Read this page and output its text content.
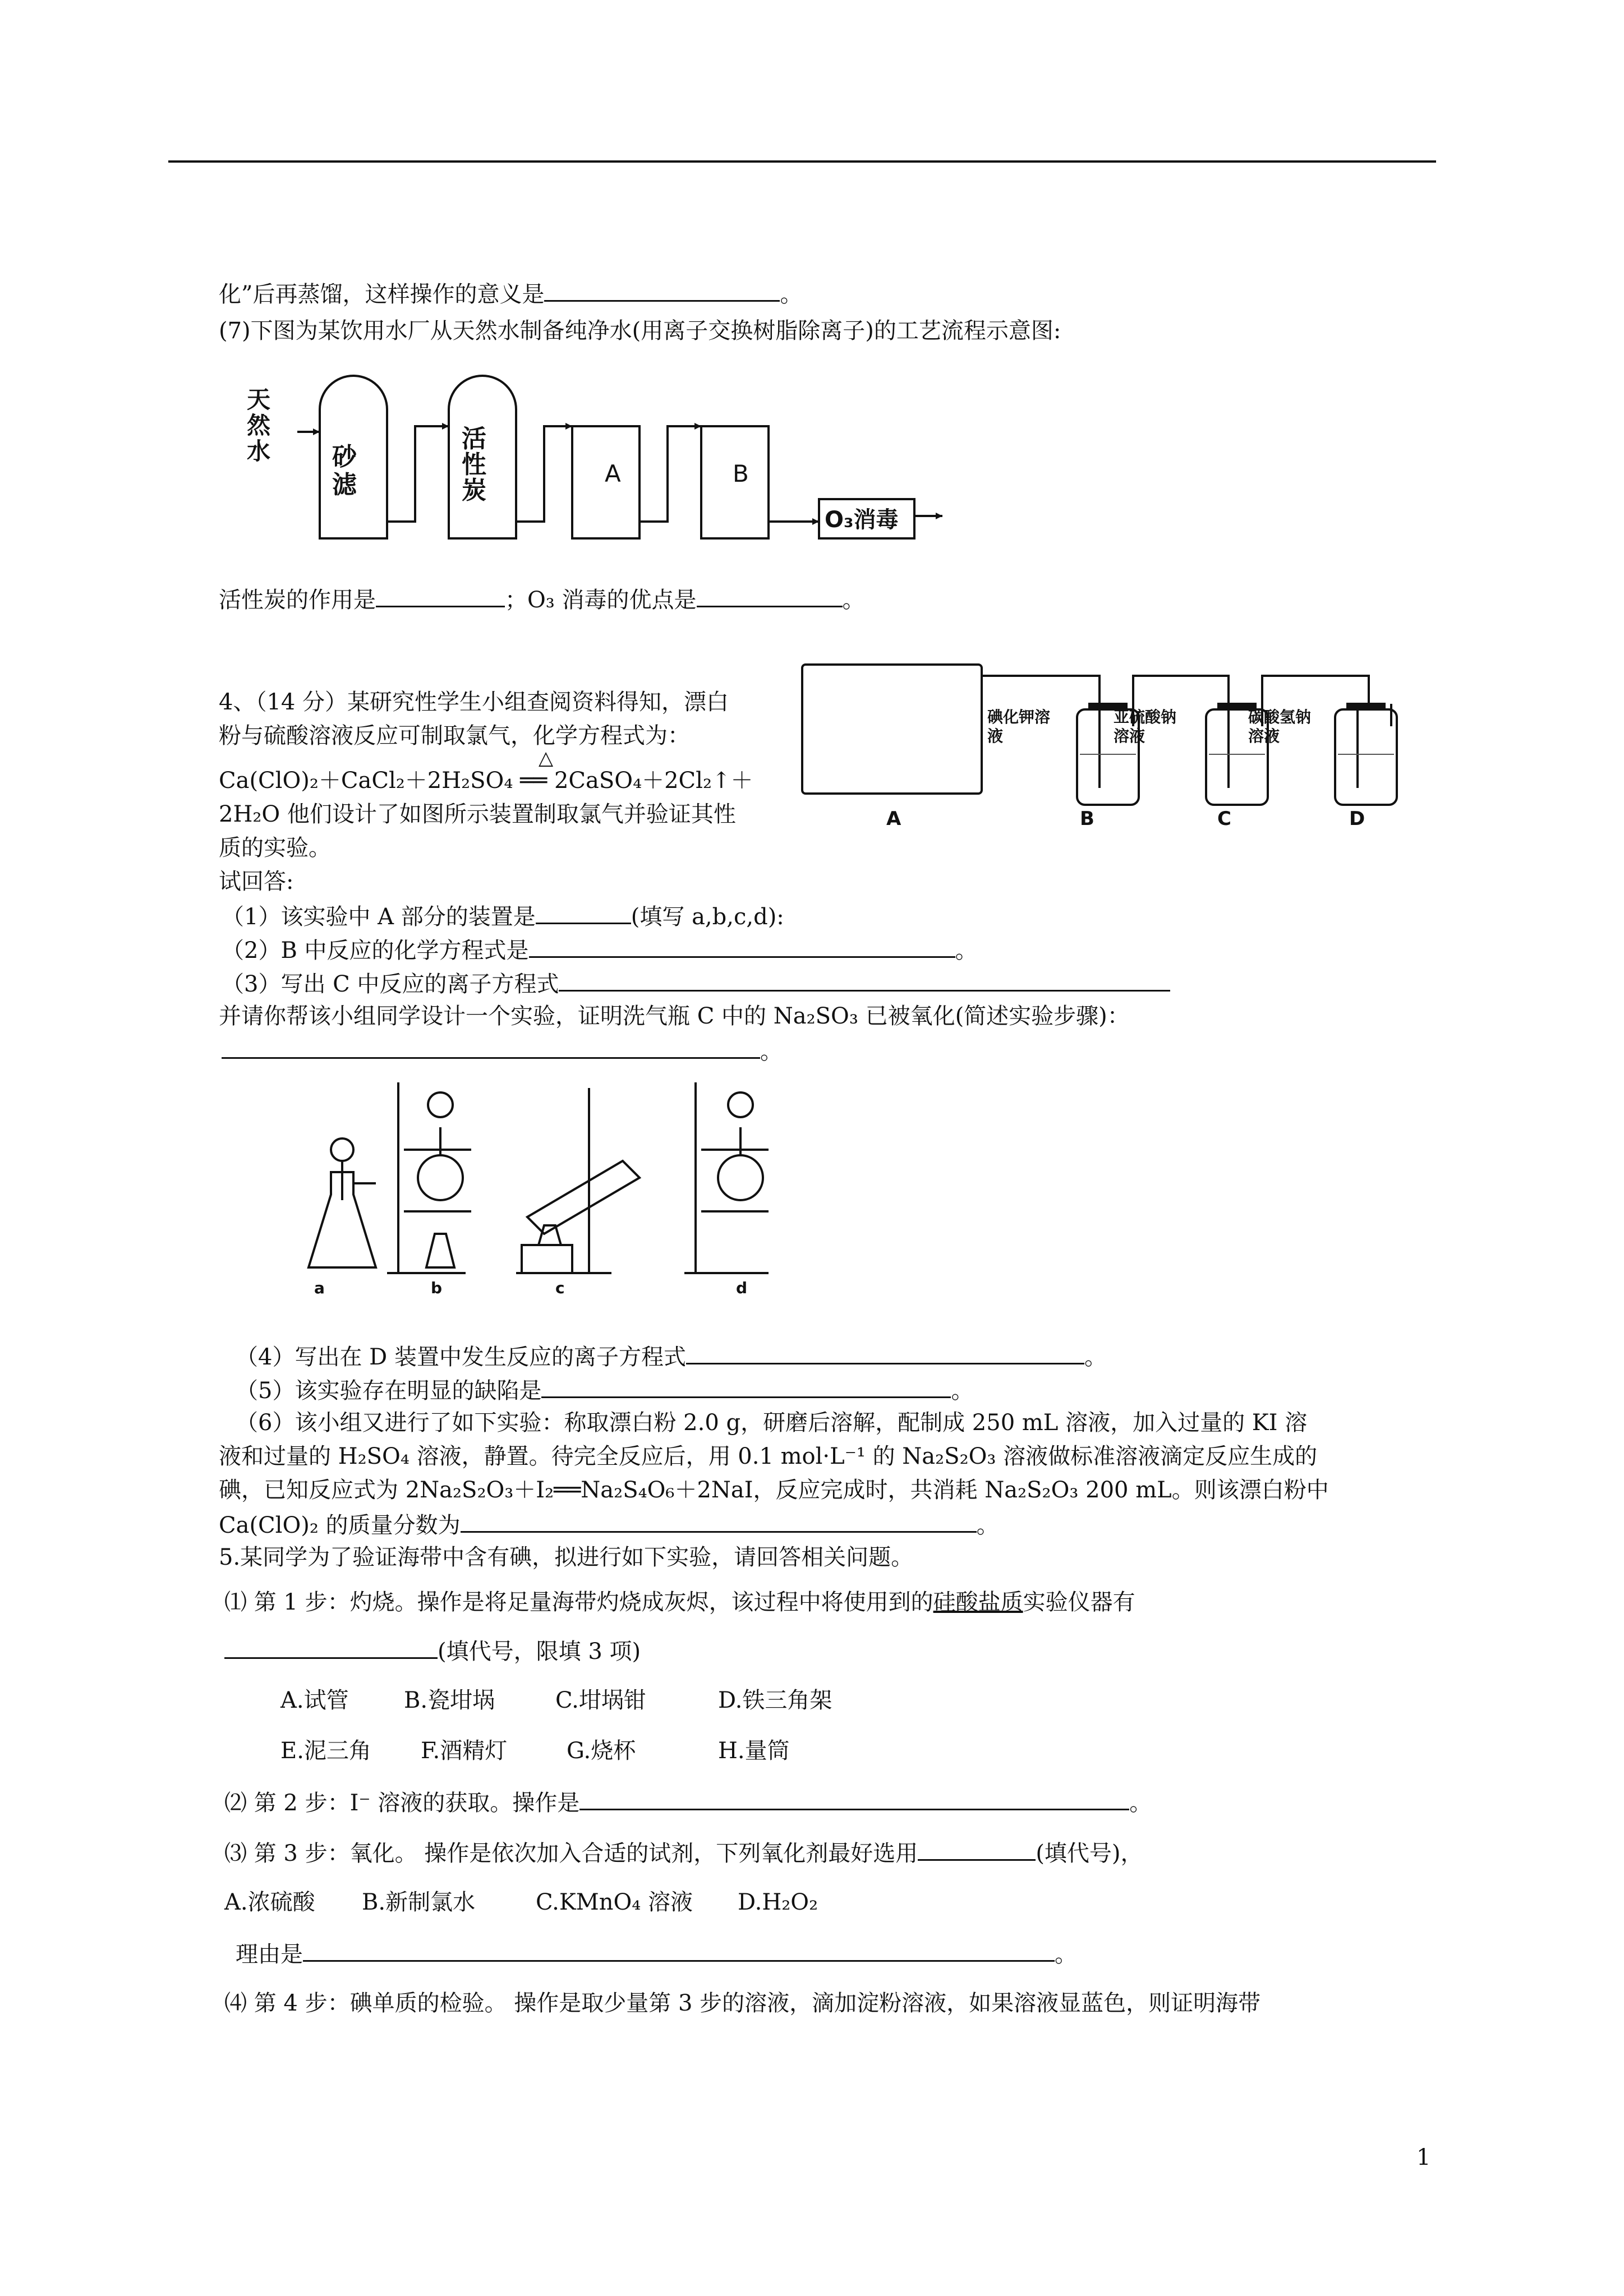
化”后再蒸馏，这样操作的意义是	。
(7)下图为某饮用水厂从天然水制备纯净水(用离子交换树脂除离子)的工艺流程示意图:
天然水 砂滤
活性炭
A	B
O₃消毒
活性炭的作用是	；O₃ 消毒的优点是	。
4、（14 分）某研究性学生小组查阅资料得知，漂白
粉与硫酸溶液反应可制取氯气，化学方程式为：
Ca(ClO)₂＋CaCl₂＋2H₂SO₄ ══ 2CaSO₄＋2Cl₂↑＋
△
2H₂O 他们设计了如图所示装置制取氯气并验证其性
质的实验。
试回答:
碘化钾溶液
亚硫酸钠溶液
碳酸氢钠溶液
A	B	C	D
（1）该实验中 A 部分的装置是	(填写 a,b,c,d):
（2）B 中反应的化学方程式是	。
（3）写出 C 中反应的离子方程式
并请你帮该小组同学设计一个实验，证明洗气瓶 C 中的 Na₂SO₃ 已被氧化(简述实验步骤)：
。
a	b	c	d
（4）写出在 D 装置中发生反应的离子方程式	。
（5）该实验存在明显的缺陷是	。
（6）该小组又进行了如下实验：称取漂白粉 2.0 g，研磨后溶解，配制成 250 mL 溶液，加入过量的 KI 溶
液和过量的 H₂SO₄ 溶液，静置。待完全反应后，用 0.1 mol·L⁻¹ 的 Na₂S₂O₃ 溶液做标准溶液滴定反应生成的
碘，已知反应式为 2Na₂S₂O₃＋I₂══Na₂S₄O₆＋2NaI，反应完成时，共消耗 Na₂S₂O₃ 200 mL。则该漂白粉中
Ca(ClO)₂ 的质量分数为	。
5.某同学为了验证海带中含有碘，拟进行如下实验，请回答相关问题。
⑴ 第 1 步：灼烧。操作是将足量海带灼烧成灰烬，该过程中将使用到的硅酸盐质实验仪器有
(填代号，限填 3 项)
A.试管 B.瓷坩埚	C.坩埚钳	D.铁三角架
E.泥三角 F.酒精灯	G.烧杯	H.量筒
⑵ 第 2 步：I⁻ 溶液的获取。操作是	。
⑶ 第 3 步：氧化。 操作是依次加入合适的试剂，下列氧化剂最好选用	(填代号)，
A.浓硫酸 B.新制氯水	C.KMnO₄ 溶液 D.H₂O₂
理由是	。
⑷ 第 4 步：碘单质的检验。 操作是取少量第 3 步的溶液，滴加淀粉溶液，如果溶液显蓝色，则证明海带
1
